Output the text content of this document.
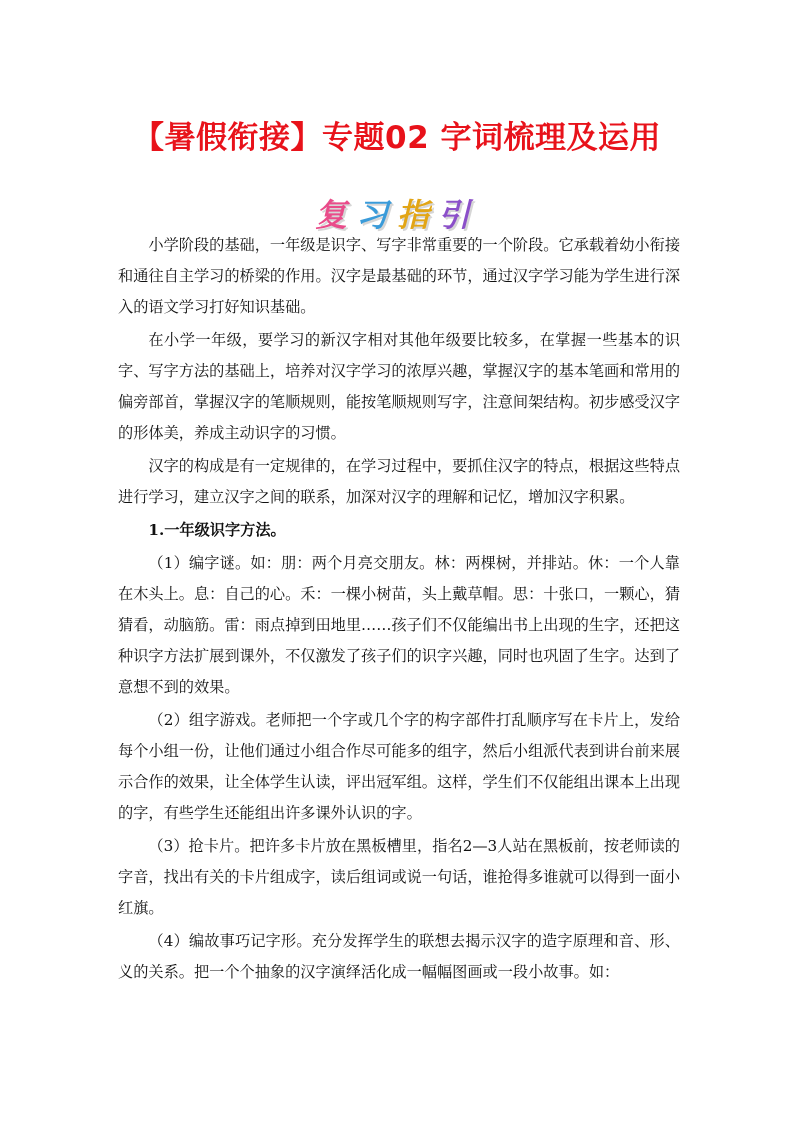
【暑假衔接】专题02 字词梳理及运用
复习指引

小学阶段的基础，一年级是识字、写字非常重要的一个阶段。它承载着幼小衔接和通往自主学习的桥梁的作用。汉字是最基础的环节，通过汉字学习能为学生进行深入的语文学习打好知识基础。

在小学一年级，要学习的新汉字相对其他年级要比较多，在掌握一些基本的识字、写字方法的基础上，培养对汉字学习的浓厚兴趣，掌握汉字的基本笔画和常用的偏旁部首，掌握汉字的笔顺规则，能按笔顺规则写字，注意间架结构。初步感受汉字的形体美，养成主动识字的习惯。

汉字的构成是有一定规律的，在学习过程中，要抓住汉字的特点，根据这些特点进行学习，建立汉字之间的联系，加深对汉字的理解和记忆，增加汉字积累。

1.一年级识字方法。

（1）编字谜。如：朋：两个月亮交朋友。林：两棵树，并排站。休：一个人靠在木头上。息：自己的心。禾：一棵小树苗，头上戴草帽。思：十张口，一颗心，猜猜看，动脑筋。雷：雨点掉到田地里……孩子们不仅能编出书上出现的生字，还把这种识字方法扩展到课外，不仅激发了孩子们的识字兴趣，同时也巩固了生字。达到了意想不到的效果。

（2）组字游戏。老师把一个字或几个字的构字部件打乱顺序写在卡片上，发给每个小组一份，让他们通过小组合作尽可能多的组字，然后小组派代表到讲台前来展示合作的效果，让全体学生认读，评出冠军组。这样，学生们不仅能组出课本上出现的字，有些学生还能组出许多课外认识的字。

（3）抢卡片。把许多卡片放在黑板槽里，指名2—3人站在黑板前，按老师读的字音，找出有关的卡片组成字，读后组词或说一句话，谁抢得多谁就可以得到一面小红旗。

（4）编故事巧记字形。充分发挥学生的联想去揭示汉字的造字原理和音、形、义的关系。把一个个抽象的汉字演绎活化成一幅幅图画或一段小故事。如：
